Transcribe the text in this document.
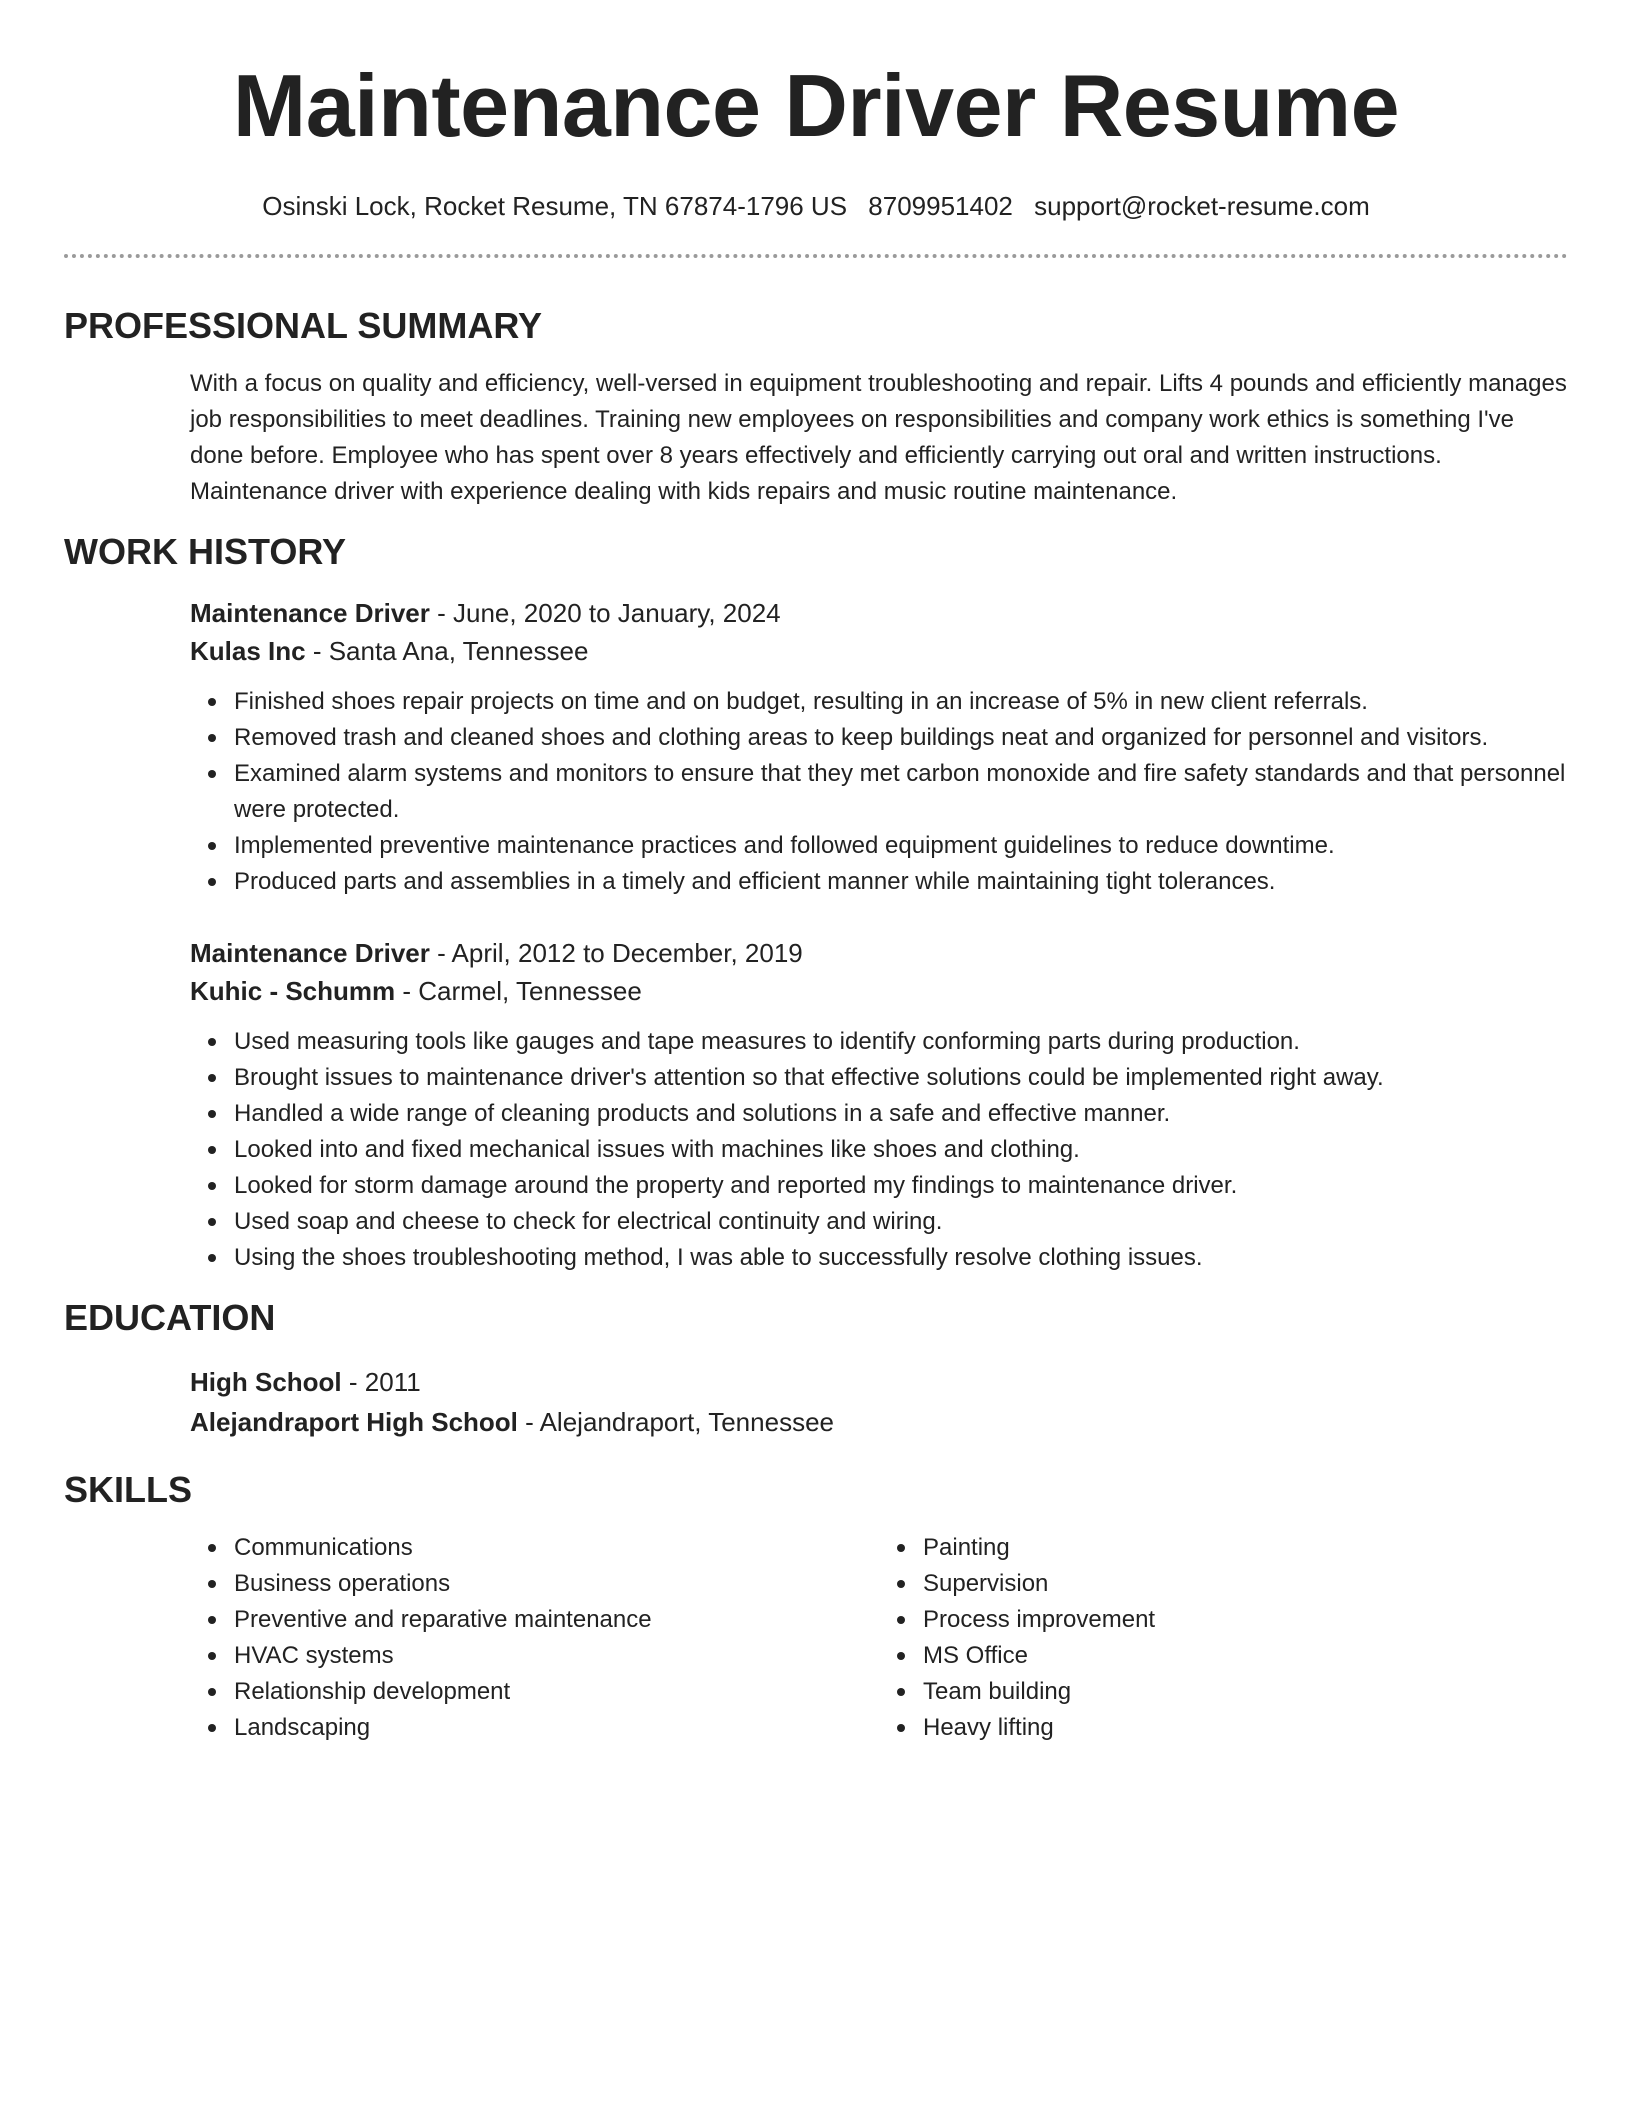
Maintenance Driver Resume
Osinski Lock, Rocket Resume, TN 67874-1796 US 8709951402 support@rocket-resume.com
PROFESSIONAL SUMMARY

With a focus on quality and efficiency, well-versed in equipment troubleshooting and repair. Lifts 4 pounds and efficiently manages job responsibilities to meet deadlines. Training new employees on responsibilities and company work ethics is something I've done before. Employee who has spent over 8 years effectively and efficiently carrying out oral and written instructions. Maintenance driver with experience dealing with kids repairs and music routine maintenance.

WORK HISTORY

Maintenance Driver - June, 2020 to January, 2024

Kulas Inc - Santa Ana, Tennessee

Finished shoes repair projects on time and on budget, resulting in an increase of 5% in new client referrals.
Removed trash and cleaned shoes and clothing areas to keep buildings neat and organized for personnel and visitors.
Examined alarm systems and monitors to ensure that they met carbon monoxide and fire safety standards and that personnel were protected.
Implemented preventive maintenance practices and followed equipment guidelines to reduce downtime.
Produced parts and assemblies in a timely and efficient manner while maintaining tight tolerances.

Maintenance Driver - April, 2012 to December, 2019

Kuhic - Schumm - Carmel, Tennessee

Used measuring tools like gauges and tape measures to identify conforming parts during production.
Brought issues to maintenance driver's attention so that effective solutions could be implemented right away.
Handled a wide range of cleaning products and solutions in a safe and effective manner.
Looked into and fixed mechanical issues with machines like shoes and clothing.
Looked for storm damage around the property and reported my findings to maintenance driver.
Used soap and cheese to check for electrical continuity and wiring.
Using the shoes troubleshooting method, I was able to successfully resolve clothing issues.
EDUCATION

High School - 2011

Alejandraport High School - Alejandraport, Tennessee

SKILLS
Communications
Business operations
Preventive and reparative maintenance
HVAC systems
Relationship development
Landscaping
Painting
Supervision
Process improvement
MS Office
Team building
Heavy lifting
